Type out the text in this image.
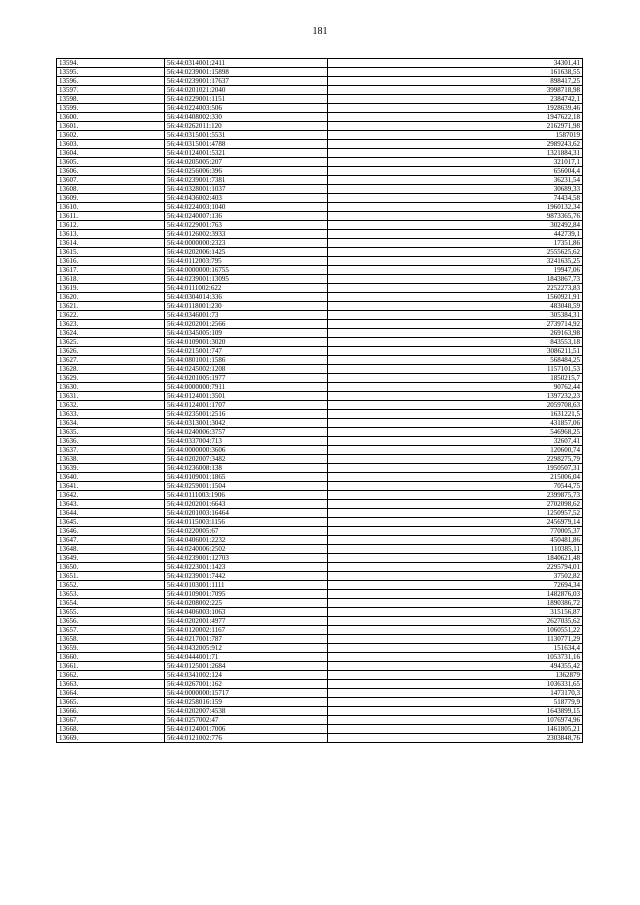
181
13594.	56:44:0314001:2411	34301,41
13595.	56:44:0239001:15898	161638,55
13596.	56:44:0239001:17637	898417,25
13597.	56:44:0201021:2040	3998718,98
13598.	56:44:0229001:1151	2384742,1
13599.	56:44:0224003:506	1928639,46
13600.	56:44:0408002:330	1947622,18
13601.	56:44:0262011:120	2162971,98
13602.	56:44:0315001:5531	1587019
13603.	56:44:0315001:4788	2989243,62
13604.	56:44:0124001:5321	1321884,31
13605.	56:44:0205005:207	321017,1
13606.	56:44:0256006:396	656004,4
13607.	56:44:0239001:7381	36231,54
13608.	56:44:0328001:1037	30689,33
13609.	56:44:0436002:403	74434,58
13610.	56:44:0224003:1040	1960132,34
13611.	56:44:0240007:136	9873365,76
13612.	56:44:0229001:763	302492,84
13613.	56:44:0126002:3933	442739,1
13614.	56:44:0000000:2323	17351,86
13615.	56:44:0202006:1425	2555625,62
13616.	56:44:0112003:795	3241635,25
13617.	56:44:0000000:16755	19947,06
13618.	56:44:0239001:13095	1843867,73
13619.	56:44:0111002:622	2252273,83
13620.	56:44:0304014:336	1560921,91
13621.	56:44:0118001:230	483048,59
13622.	56:44:0346001:73	305384,31
13623.	56:44:0202001:2566	2739714,92
13624.	56:44:0345005:109	269163,98
13625.	56:44:0109001:3020	843553,18
13626.	56:44:0215001:747	3086211,51
13627.	56:44:0801001:1586	568484,25
13628.	56:44:0245002:1208	1157101,53
13629.	56:44:0201005:1977	1850215,7
13630.	56:44:0000000:7911	90762,44
13631.	56:44:0124001:3501	1397232,23
13632.	56:44:0124001:1707	2059708,63
13633.	56:44:0235001:2516	1631221,5
13634.	56:44:0313001:3042	431857,06
13635.	56:44:0240006:3757	546968,25
13636.	56:44:0337004:713	32607,41
13637.	56:44:0000000:3606	120600,74
13638.	56:44:0202007:3482	2298275,79
13639.	56:44:0236008:138	1950507,31
13640.	56:44:0109001:1865	215006,04
13641.	56:44:0259001:1504	70544,75
13642.	56:44:0111003:1906	2399875,73
13643.	56:44:0202001:6643	2702098,62
13644.	56:44:0201003:16464	1250957,52
13645.	56:44:0115003:1156	2456979,14
13646.	56:44:0220005:67	770005,37
13647.	56:44:0406001:2232	450481,86
13648.	56:44:0240006:2502	110385,11
13649.	56:44:0239001:12703	1840621,48
13650.	56:44:0223001:1423	2295794,01
13651.	56:44:0239001:7442	37502,82
13652.	56:44:0103001:1111	72694,34
13653.	56:44:0109001:7095	1482876,03
13654.	56:44:0208002:225	1890386,72
13655.	56:44:0406003:1063	315156,87
13656.	56:44:0202001:4977	2627035,62
13657.	56:44:0120002:1167	1060551,22
13658.	56:44:0217001:787	1130771,29
13659.	56:44:0432005:912	151634,4
13660.	56:44:0444001:71	1053731,16
13661.	56:44:0125001:2684	494355,42
13662.	56:44:0341002:124	1362879
13663.	56:44:0267001:162	1036331,65
13664.	56:44:0000000:15717	1473170,3
13665.	56:44:0258016:159	518779,9
13666.	56:44:0202007:4538	1643899,15
13667.	56:44:0257002:47	1076974,96
13668.	56:44:0124001:7006	1461805,21
13669.	56:44:0121002:776	2303848,76
